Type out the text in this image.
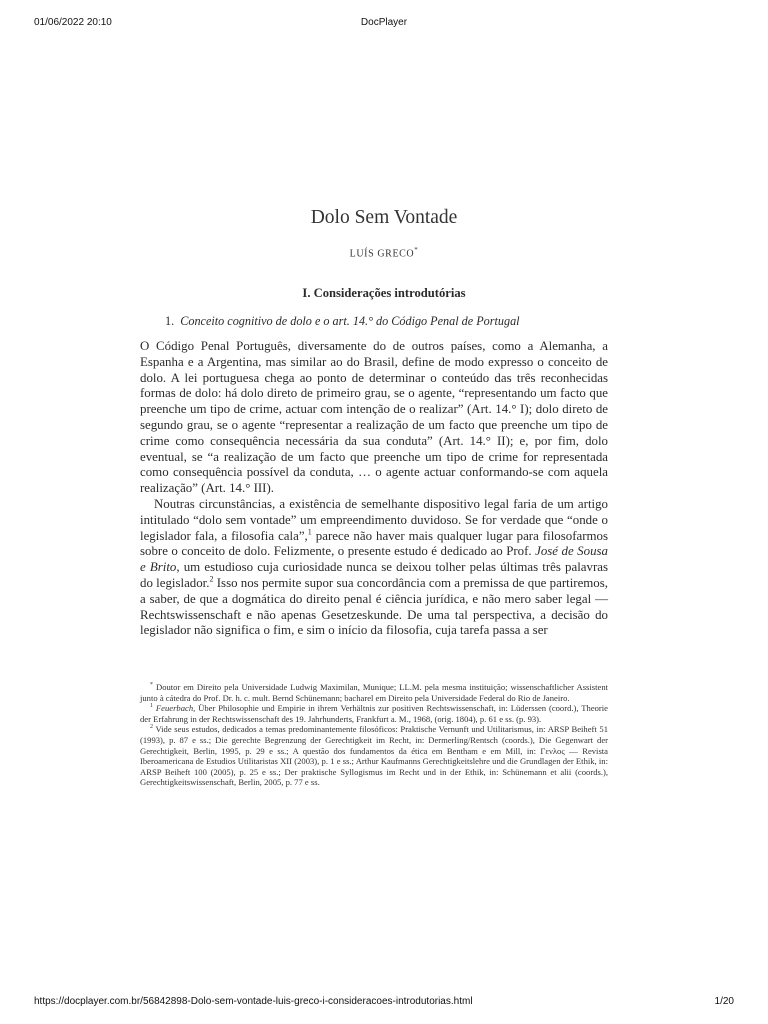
01/06/2022 20:10	DocPlayer
Dolo Sem Vontade
LUÍS GRECO*
I. Considerações introdutórias
1. Conceito cognitivo de dolo e o art. 14.° do Código Penal de Portugal

O Código Penal Português, diversamente do de outros países, como a Alemanha, a Espanha e a Argentina, mas similar ao do Brasil, define de modo expresso o conceito de dolo. A lei portuguesa chega ao ponto de determinar o conteúdo das três reconhecidas formas de dolo: há dolo direto de primeiro grau, se o agente, “representando um facto que preenche um tipo de crime, actuar com intenção de o realizar” (Art. 14.° I); dolo direto de segundo grau, se o agente “representar a realização de um facto que preenche um tipo de crime como consequência necessária da sua conduta” (Art. 14.° II); e, por fim, dolo eventual, se “a realização de um facto que preenche um tipo de crime for representada como consequência possível da conduta, … o agente actuar conformando-se com aquela realização” (Art. 14.° III).

Noutras circunstâncias, a existência de semelhante dispositivo legal faria de um artigo intitulado “dolo sem vontade” um empreendimento duvidoso. Se for verdade que “onde o legislador fala, a filosofia cala”,$^1$ parece não haver mais qualquer lugar para filosofarmos sobre o conceito de dolo. Felizmente, o presente estudo é dedicado ao Prof. José de Sousa e Brito, um estudioso cuja curiosidade nunca se deixou tolher pelas últimas três palavras do legislador.$^2$ Isso nos permite supor sua concordância com a premissa de que partiremos, a saber, de que a dogmática do direito penal é ciência jurídica, e não mero saber legal — Rechtswissenschaft e não apenas Gesetzeskunde. De uma tal perspectiva, a decisão do legislador não significa o fim, e sim o início da filosofia, cuja tarefa passa a ser

* Doutor em Direito pela Universidade Ludwig Maximilan, Munique; LL.M. pela mesma instituição; wissenschaftlicher Assistent junto à cátedra do Prof. Dr. h. c. mult. Bernd Schünemann; bacharel em Direito pela Universidade Federal do Rio de Janeiro.

$^1$ Feuerbach, Über Philosophie und Empirie in ihrem Verhältnis zur positiven Rechtswissenschaft, in: Lüderssen (coord.), Theorie der Erfahrung in der Rechtswissenschaft des 19. Jahrhunderts, Frankfurt a. M., 1968, (orig. 1804), p. 61 e ss. (p. 93).

$^2$ Vide seus estudos, dedicados a temas predominantemente filosóficos: Praktische Vernunft und Utilitarismus, in: ARSP Beiheft 51 (1993), p. 87 e ss.; Die gerechte Begrenzung der Gerechtigkeit im Recht, in: Dermerling/Rentsch (coords.), Die Gegenwart der Gerechtigkeit, Berlin, 1995, p. 29 e ss.; A questão dos fundamentos da ética em Bentham e em Mill, in: Γενλος — Revista Iberoamericana de Estudios Utilitaristas XII (2003), p. 1 e ss.; Arthur Kaufmanns Gerechtigkeitslehre und die Grundlagen der Ethik, in: ARSP Beiheft 100 (2005), p. 25 e ss.; Der praktische Syllogismus im Recht und in der Ethik, in: Schünemann et alii (coords.), Gerechtigkeitswissenschaft, Berlin, 2005, p. 77 e ss.

https://docplayer.com.br/56842898-Dolo-sem-vontade-luis-greco-i-consideracoes-introdutorias.html	1/20
